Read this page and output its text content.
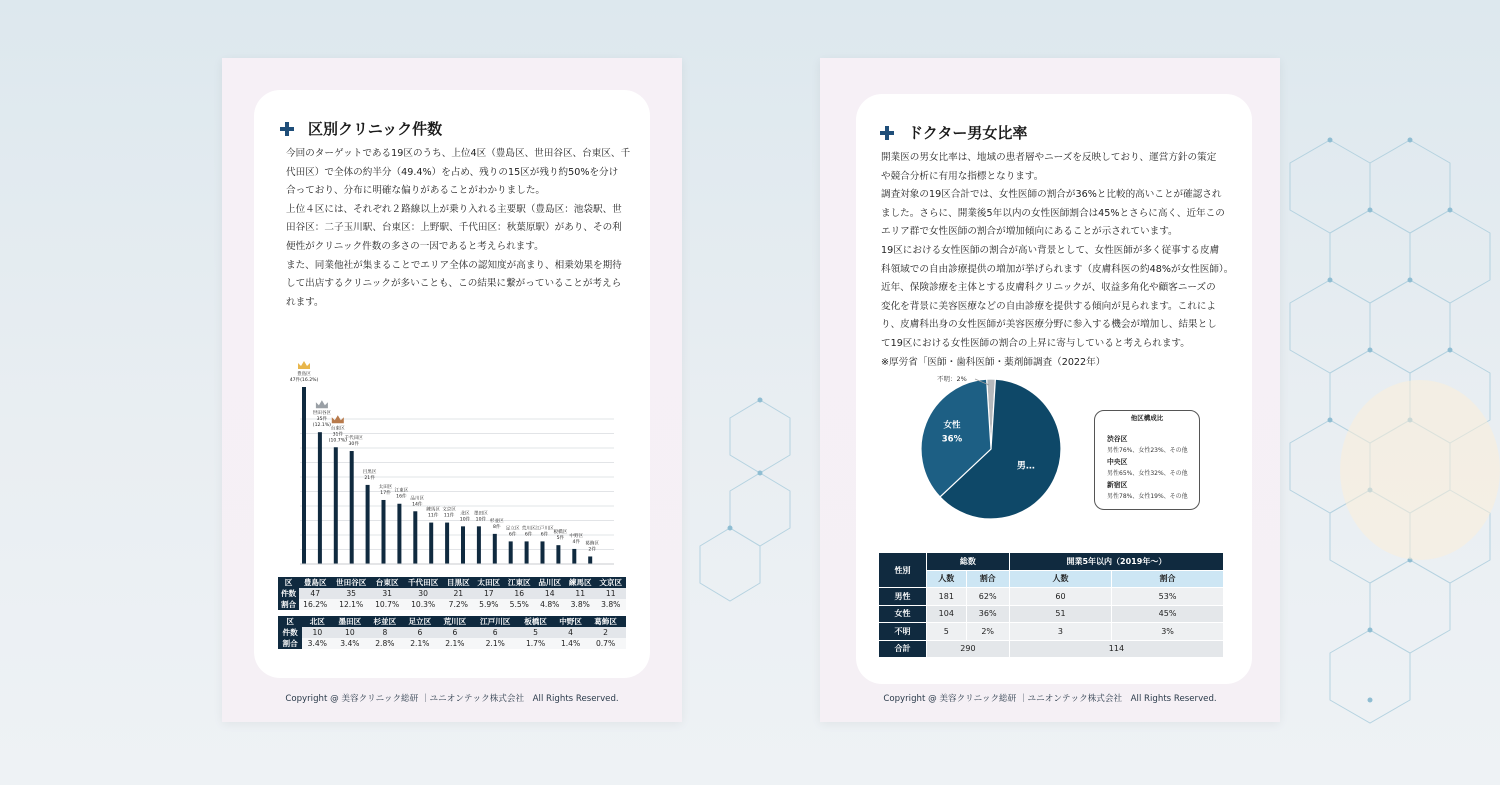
区別クリニック件数

今回のターゲットである19区のうち、上位4区（豊島区、世田谷区、台東区、千

代田区）で全体の約半分（49.4%）を占め、残りの15区が残り約50%を分け

合っており、分布に明確な偏りがあることがわかりました。

上位４区には、それぞれ２路線以上が乗り入れる主要駅（豊島区：池袋駅、世

田谷区：二子玉川駅、台東区：上野駅、千代田区：秋葉原駅）があり、その利

便性がクリニック件数の多さの一因であると考えられます。

また、同業他社が集まることでエリア全体の認知度が高まり、相乗効果を期待

して出店するクリニックが多いことも、この結果に繋がっていることが考えら

れます。

豊島区
47件(16.2%)
世田谷区
35件
(12.1%)
台東区
31件
(10.7%)
千代田区
30件
目黒区
21件
太田区
17件 江東区
16件 品川区
14件
練馬区
11件
文京区
11件 北区
10件
墨田区
10件 杉並区
8件 足立区
6件
荒川区
6件
江戸川区
6件 板橋区
5件 中野区
4件 葛飾区
2件
区	豊島区	世田谷区	台東区	千代田区	目黒区	太田区	江東区	品川区	練馬区	文京区
件数	47	35	31	30	21	17	16	14	11	11
割合	16.2%	12.1%	10.7%	10.3%	7.2%	5.9%	5.5%	4.8%	3.8%	3.8%
区	北区	墨田区	杉並区	足立区	荒川区	江戸川区	板橋区	中野区	葛飾区	
件数	10	10	8	6	6	6	5	4	2	
割合	3.4%	3.4%	2.8%	2.1%	2.1%	2.1%	1.7%	1.4%	0.7%	
Copyright @ 美容クリニック総研 ｜ユニオンテック株式会社　All Rights Reserved.
ドクター男女比率

開業医の男女比率は、地域の患者層やニーズを反映しており、運営方針の策定

や競合分析に有用な指標となります。

調査対象の19区合計では、女性医師の割合が36%と比較的高いことが確認され

ました。さらに、開業後5年以内の女性医師割合は45%とさらに高く、近年この

エリア群で女性医師の割合が増加傾向にあることが示されています。

19区における女性医師の割合が高い背景として、女性医師が多く従事する皮膚

科領域での自由診療提供の増加が挙げられます（皮膚科医の約48%が女性医師）。

近年、保険診療を主体とする皮膚科クリニックが、収益多角化や顧客ニーズの

変化を背景に美容医療などの自由診療を提供する傾向が見られます。これによ

り、皮膚科出身の女性医師が美容医療分野に参入する機会が増加し、結果とし

て19区における女性医師の割合の上昇に寄与していると考えられます。

※厚労省「医師・歯科医師・薬剤師調査（2022年）

男…
女性
36%
不明：2%
他区構成比
渋谷区
男性76%、女性23%、その他
中央区
男性65%、女性32%、その他
新宿区
男性78%、女性19%、その他
性別	総数		開業5年以内（2019年～）	
	人数	割合	人数	割合
男性	181	62%	60	53%
女性	104	36%	51	45%
不明	5	2%	3	3%
合計	290		114	
Copyright @ 美容クリニック総研 ｜ユニオンテック株式会社　All Rights Reserved.
